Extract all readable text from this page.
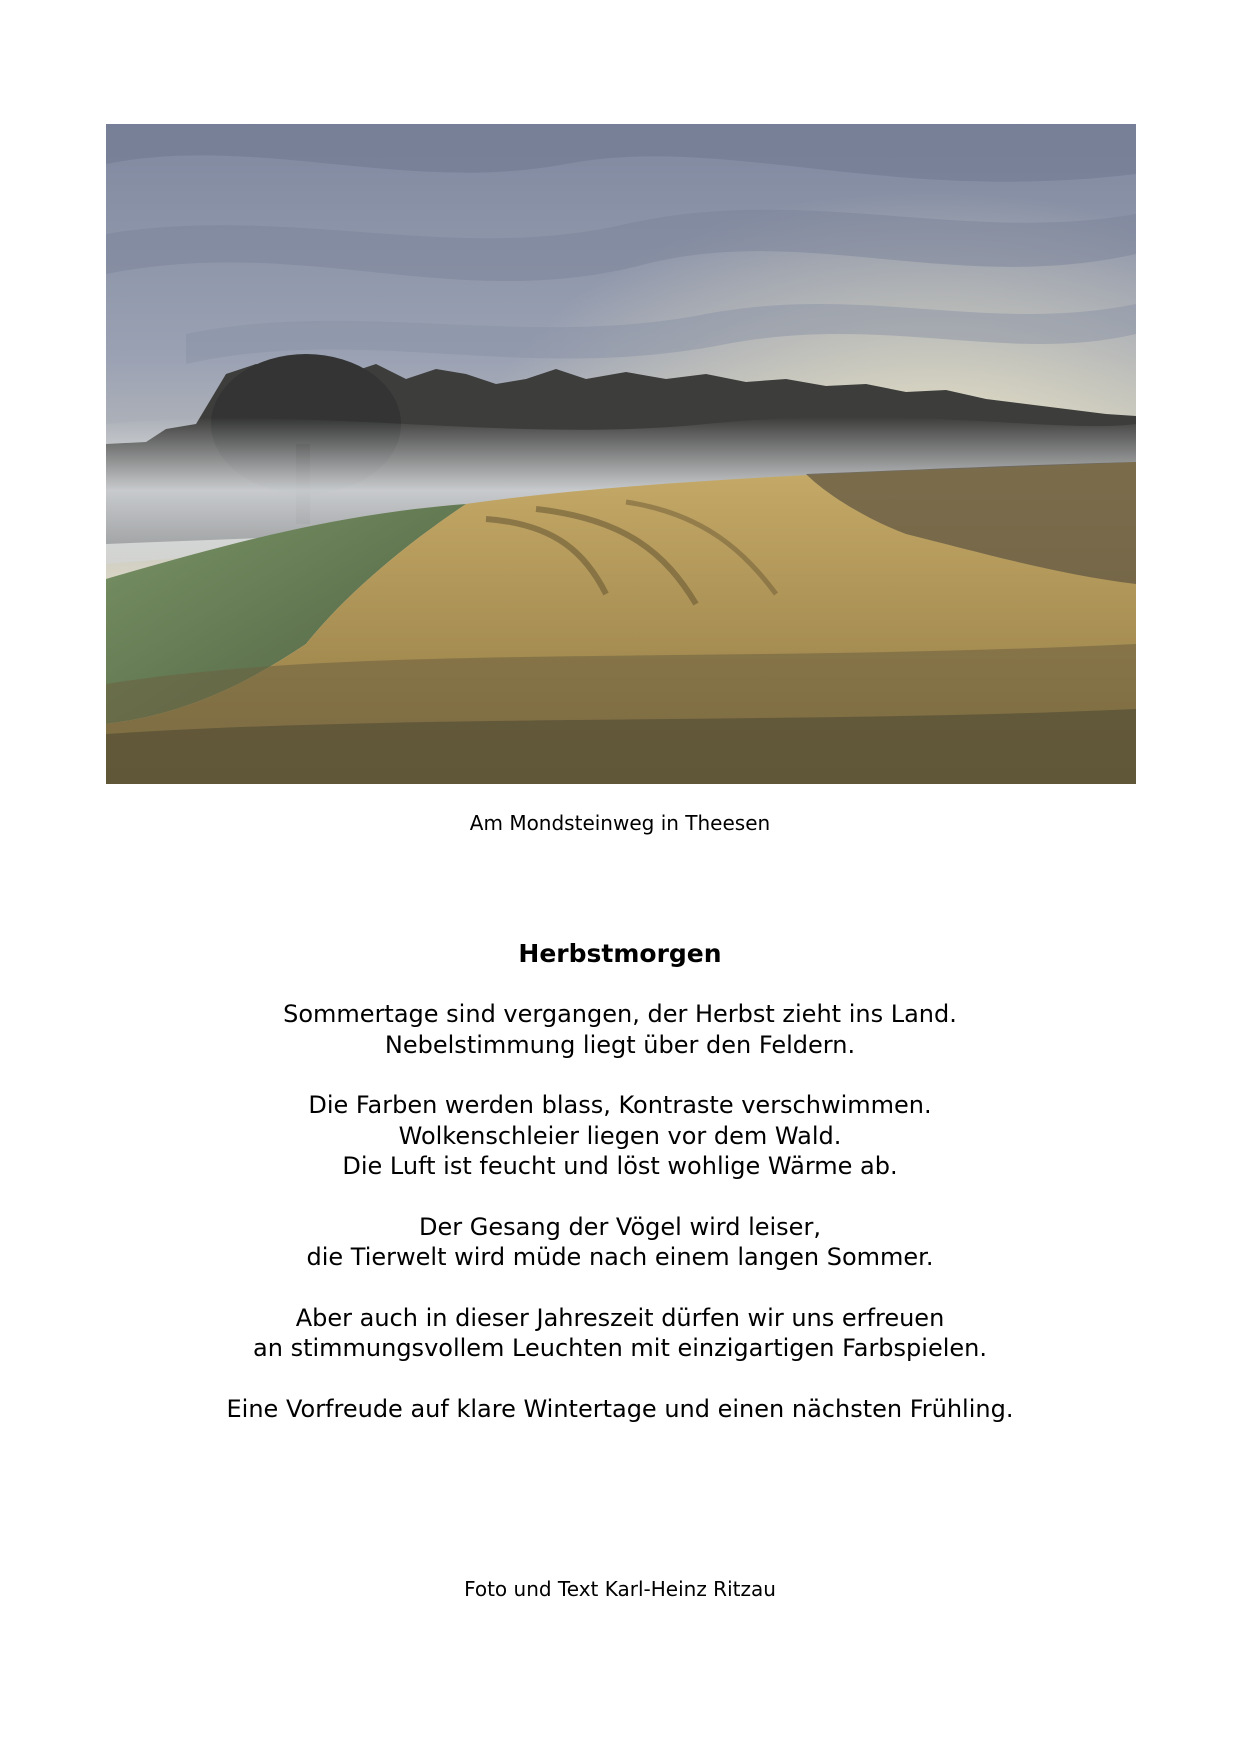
Am Mondsteinweg in Theesen
Herbstmorgen
Sommertage sind vergangen, der Herbst zieht ins Land.
Nebelstimmung liegt über den Feldern.
Die Farben werden blass, Kontraste verschwimmen.
Wolkenschleier liegen vor dem Wald.
Die Luft ist feucht und löst wohlige Wärme ab.
Der Gesang der Vögel wird leiser,
die Tierwelt wird müde nach einem langen Sommer.
Aber auch in dieser Jahreszeit dürfen wir uns erfreuen
an stimmungsvollem Leuchten mit einzigartigen Farbspielen.
Eine Vorfreude auf klare Wintertage und einen nächsten Frühling.
Foto und Text Karl-Heinz Ritzau
